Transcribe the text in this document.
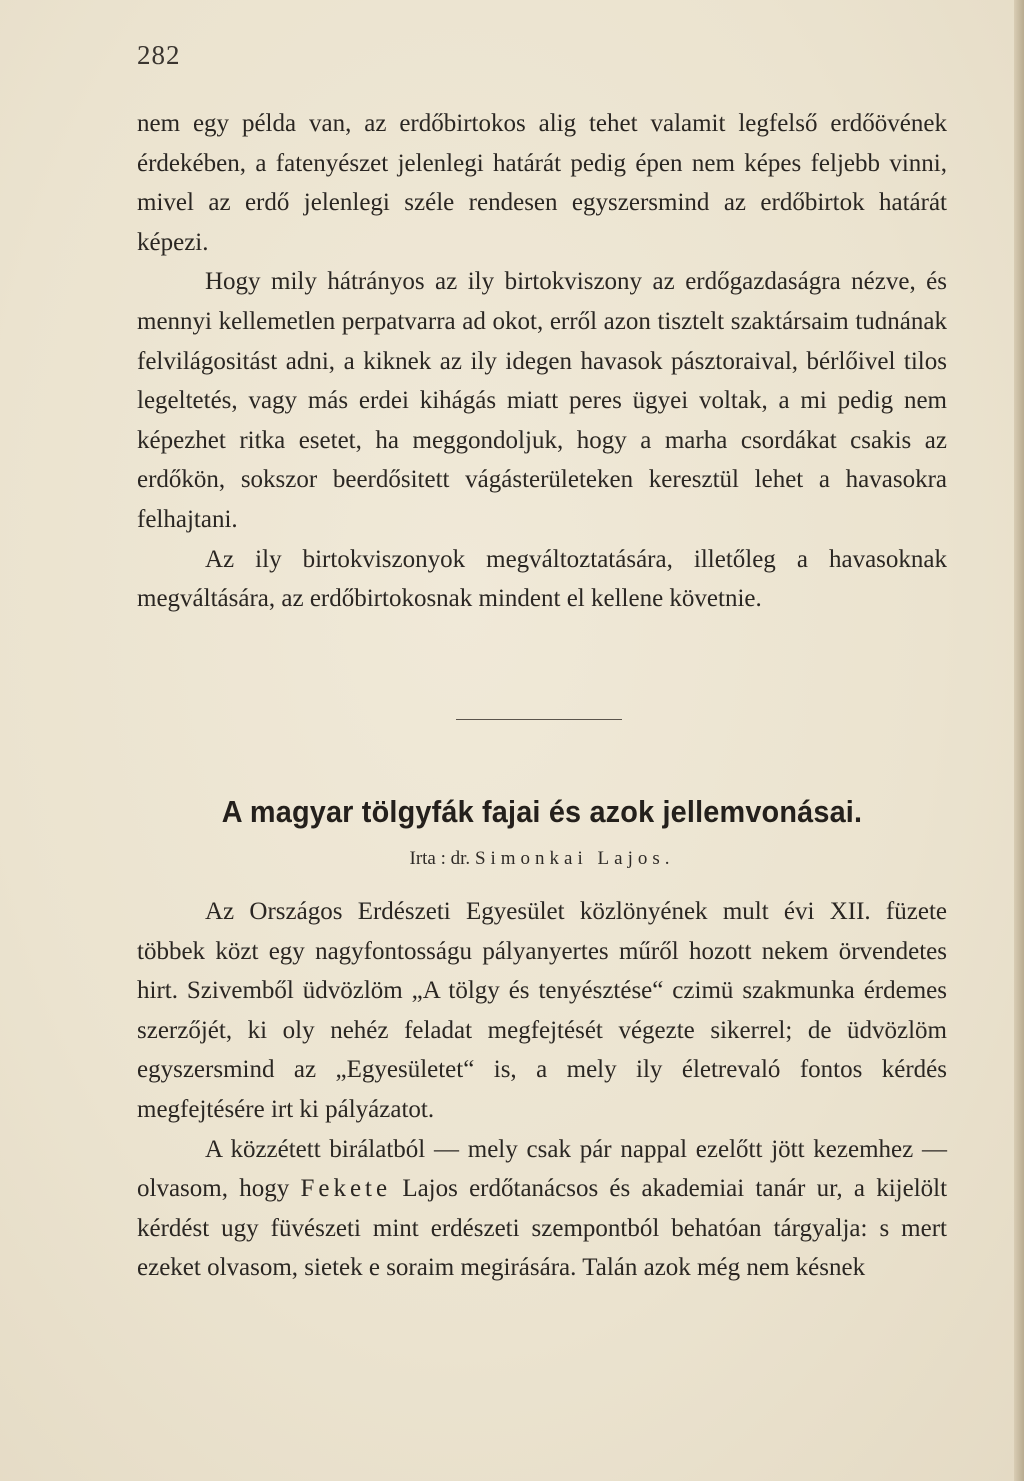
282

nem egy példa van, az erdőbirtokos alig tehet valamit legfelső erdőövének érdekében, a fatenyészet jelenlegi határát pedig épen nem képes feljebb vinni, mivel az erdő jelenlegi széle rendesen egyszersmind az erdőbirtok határát képezi.

Hogy mily hátrányos az ily birtokviszony az erdőgazdaságra nézve, és mennyi kellemetlen perpatvarra ad okot, erről azon tisztelt szaktársaim tudnának felvilágositást adni, a kiknek az ily idegen havasok pásztoraival, bérlőivel tilos legeltetés, vagy más erdei kihágás miatt peres ügyei voltak, a mi pedig nem képezhet ritka esetet, ha meggondoljuk, hogy a marha csordákat csakis az erdőkön, sokszor beerdősitett vágásterületeken keresztül lehet a havasokra felhajtani.

Az ily birtokviszonyok megváltoztatására, illetőleg a havasoknak megváltására, az erdőbirtokosnak mindent el kellene követnie.

A magyar tölgyfák fajai és azok jellemvonásai.
Irta : dr. Simonkai Lajos.

Az Országos Erdészeti Egyesület közlönyének mult évi XII. füzete többek közt egy nagyfontosságu pályanyertes műről hozott nekem örvendetes hirt. Szivemből üdvözlöm „A tölgy és tenyésztése“ czimü szakmunka érdemes szerzőjét, ki oly nehéz feladat megfejtését végezte sikerrel; de üdvözlöm egyszersmind az „Egyesületet“ is, a mely ily életrevaló fontos kérdés megfejtésére irt ki pályázatot.

A közzétett birálatból — mely csak pár nappal ezelőtt jött kezemhez — olvasom, hogy Fekete Lajos erdőtanácsos és akademiai tanár ur, a kijelölt kérdést ugy füvészeti mint erdészeti szempontból behatóan tárgyalja: s mert ezeket olvasom, sietek e soraim megirására. Talán azok még nem késnek
